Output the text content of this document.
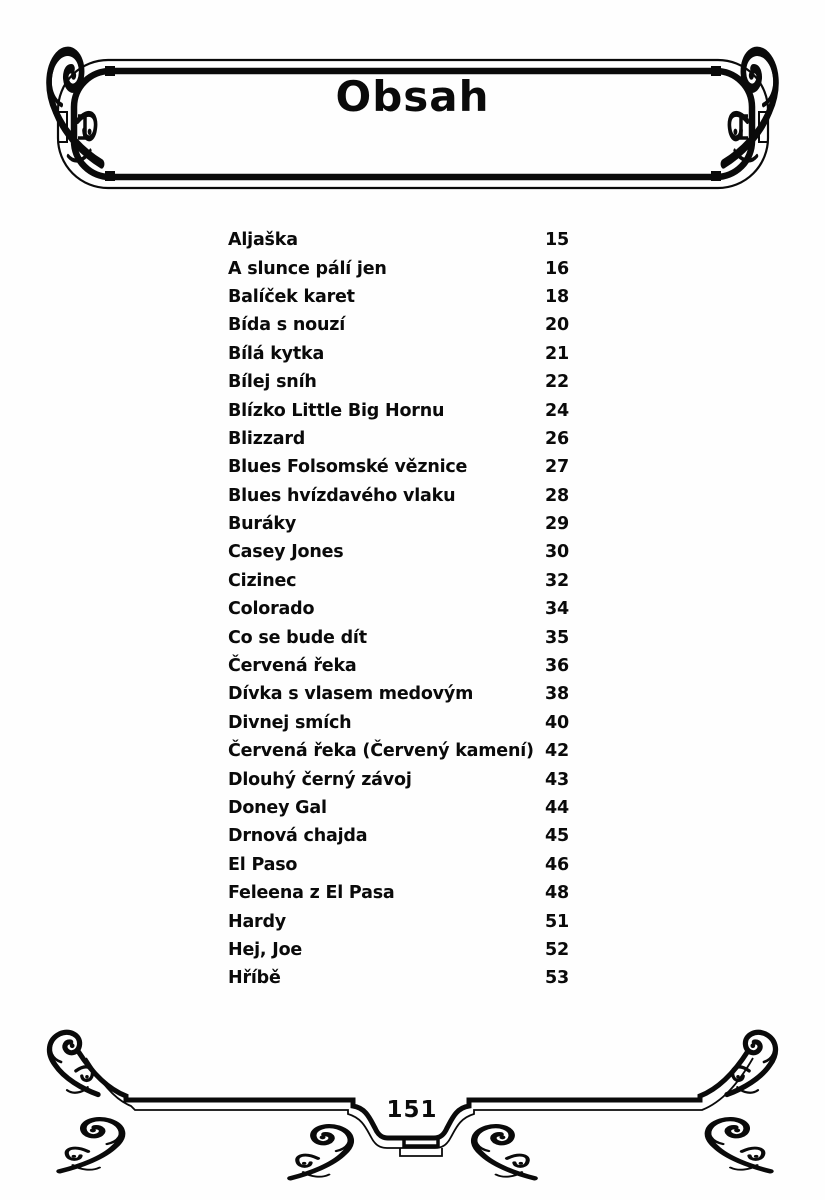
Obsah
Aljaška	15
A slunce pálí jen	16
Balíček karet	18
Bída s nouzí	20
Bílá kytka	21
Bílej sníh	22
Blízko Little Big Hornu	24
Blizzard	26
Blues Folsomské věznice	27
Blues hvízdavého vlaku	28
Buráky	29
Casey Jones	30
Cizinec	32
Colorado	34
Co se bude dít	35
Červená řeka	36
Dívka s vlasem medovým	38
Divnej smích	40
Červená řeka (Červený kamení) 42
Dlouhý černý závoj	43
Doney Gal	44
Drnová chajda	45
El Paso	46
Feleena z El Pasa	48
Hardy	51
Hej, Joe	52
Hříbě	53
151
